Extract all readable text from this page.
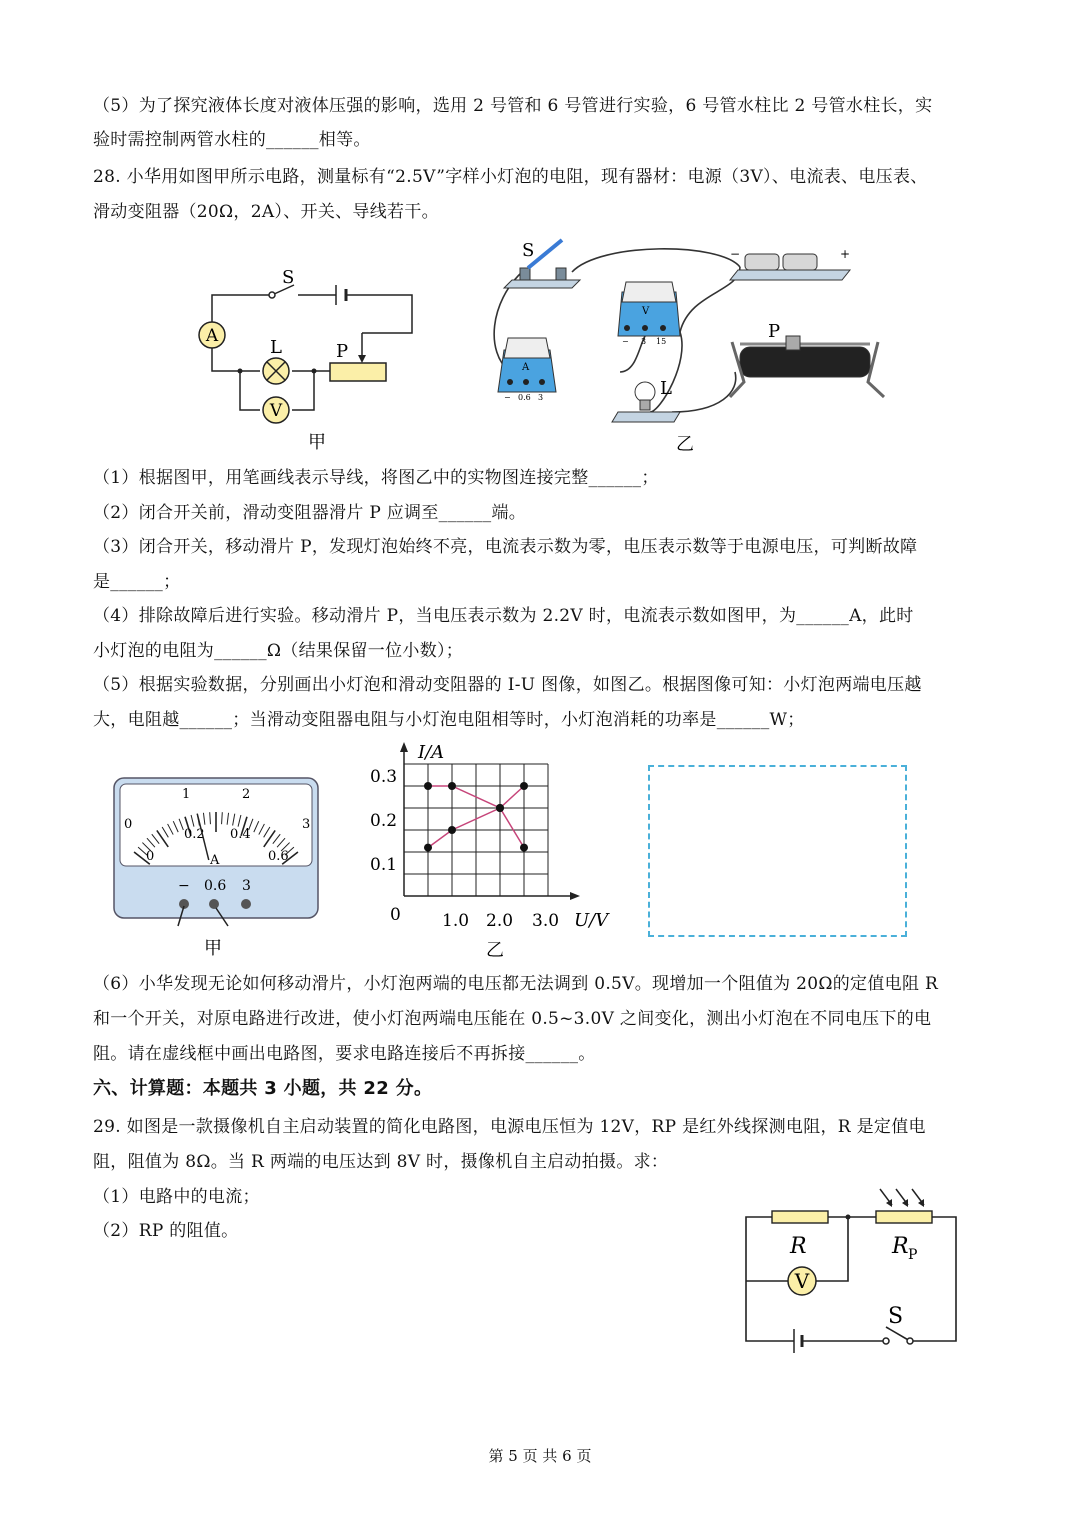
（5）为了探究液体长度对液体压强的影响，选用 2 号管和 6 号管进行实验，6 号管水柱比 2 号管水柱长，实
验时需控制两管水柱的______相等。
28. 小华用如图甲所示电路，测量标有“2.5V”字样小灯泡的电阻，现有器材：电源（3V）、电流表、电压表、
滑动变阻器（20Ω，2A）、开关、导线若干。
S
A
L	P
V
甲
S	−	+
V
− 3 15
A
− 0.6 3	L
P
乙
（1）根据图甲，用笔画线表示导线，将图乙中的实物图连接完整______；
（2）闭合开关前，滑动变阻器滑片 P 应调至______端。
（3）闭合开关，移动滑片 P，发现灯泡始终不亮，电流表示数为零，电压表示数等于电源电压，可判断故障
是______；
（4）排除故障后进行实验。移动滑片 P，当电压表示数为 2.2V 时，电流表示数如图甲，为______A，此时
小灯泡的电阻为______Ω（结果保留一位小数）；
（5）根据实验数据，分别画出小灯泡和滑动变阻器的 I-U 图像，如图乙。根据图像可知：小灯泡两端电压越
大，电阻越______；当滑动变阻器电阻与小灯泡电阻相等时，小灯泡消耗的功率是______W；
0
1	2
3
0
0.2 0.4
0.6
A
− 0.6 3
甲
I/A
U/V
0 1.0 2.0 3.0
0.3
0.2
0.1
乙
（6）小华发现无论如何移动滑片，小灯泡两端的电压都无法调到 0.5V。现增加一个阻值为 20Ω的定值电阻 R
和一个开关，对原电路进行改进，使小灯泡两端电压能在 0.5~3.0V 之间变化，测出小灯泡在不同电压下的电
阻。请在虚线框中画出电路图，要求电路连接后不再拆接______。
六、计算题：本题共 3 小题，共 22 分。
29. 如图是一款摄像机自主启动装置的简化电路图，电源电压恒为 12V，RP 是红外线探测电阻，R 是定值电
阻，阻值为 8Ω。当 R 两端的电压达到 8V 时，摄像机自主启动拍摄。求：
（1）电路中的电流；
（2）RP 的阻值。
R	R P
V
S
第 5 页 共 6 页
